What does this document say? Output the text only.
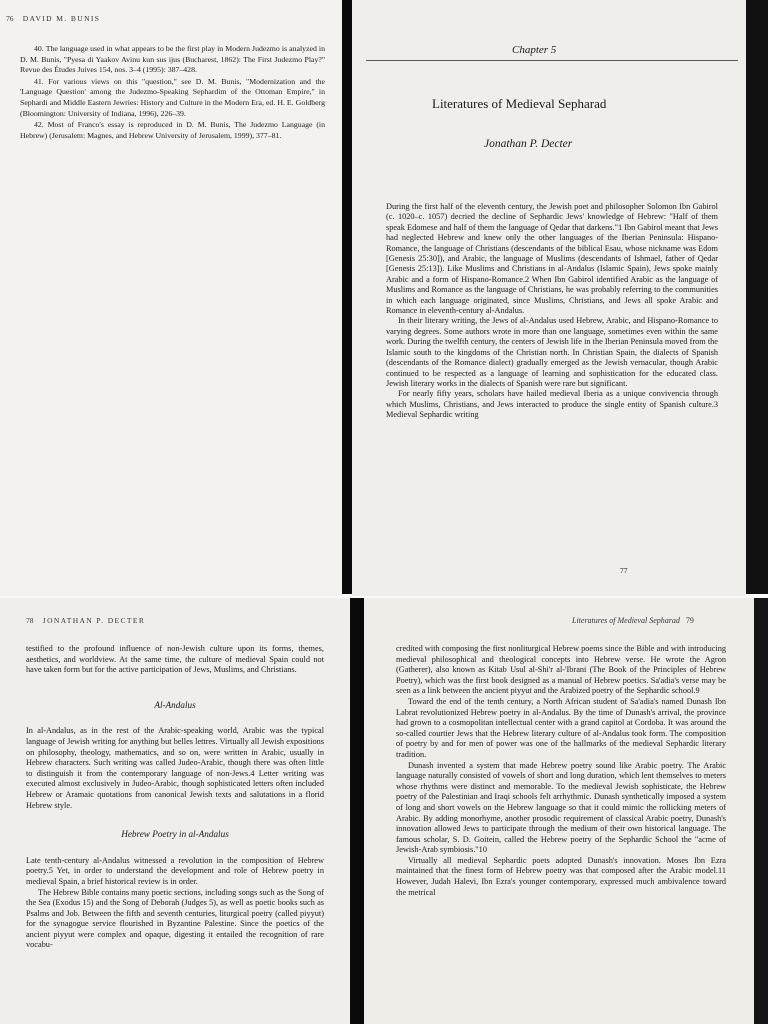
76 DAVID M. BUNIS

40. The language used in what appears to be the first play in Modern Judezmo is analyzed in D. M. Bunis, "Pyesa di Yaakov Avinu kun sus ijus (Bucharest, 1862): The First Judezmo Play?" Revue des Études Juives 154, nos. 3–4 (1995): 387–428.

41. For various views on this "question," see D. M. Bunis, "Modernization and the 'Language Question' among the Judezmo-Speaking Sephardim of the Ottoman Empire," in Sephardi and Middle Eastern Jewries: History and Culture in the Modern Era, ed. H. E. Goldberg (Bloomington: University of Indiana, 1996), 226–39.

42. Most of Franco's essay is reproduced in D. M. Bunis, The Judezmo Language (in Hebrew) (Jerusalem: Magnes, and Hebrew University of Jerusalem, 1999), 377–81.

Chapter 5
Literatures of Medieval Sepharad
Jonathan P. Decter

During the first half of the eleventh century, the Jewish poet and philosopher Solomon Ibn Gabirol (c. 1020–c. 1057) decried the decline of Sephardic Jews' knowledge of Hebrew: "Half of them speak Edomese and half of them the language of Qedar that darkens."1 Ibn Gabirol meant that Jews had neglected Hebrew and knew only the other languages of the Iberian Peninsula: Hispano-Romance, the language of Christians (descendants of the biblical Esau, whose nickname was Edom [Genesis 25:30]), and Arabic, the language of Muslims (descendants of Ishmael, father of Qedar [Genesis 25:13]). Like Muslims and Christians in al-Andalus (Islamic Spain), Jews spoke mainly Arabic and a form of Hispano-Romance.2 When Ibn Gabirol identified Arabic as the language of Muslims and Romance as the language of Christians, he was probably referring to the communities in which each language originated, since Muslims, Christians, and Jews all spoke Arabic and Romance in eleventh-century al-Andalus.

In their literary writing, the Jews of al-Andalus used Hebrew, Arabic, and Hispano-Romance to varying degrees. Some authors wrote in more than one language, sometimes even within the same work. During the twelfth century, the centers of Jewish life in the Iberian Peninsula moved from the Islamic south to the kingdoms of the Christian north. In Christian Spain, the dialects of Spanish (descendants of the Romance dialect) gradually emerged as the Jewish vernacular, though Arabic continued to be respected as a language of learning and sophistication for the educated class. Jewish literary works in the dialects of Spanish were rare but significant.

For nearly fifty years, scholars have hailed medieval Iberia as a unique convivencia through which Muslims, Christians, and Jews interacted to produce the single entity of Spanish culture.3 Medieval Sephardic writing

77
78 JONATHAN P. DECTER

testified to the profound influence of non-Jewish culture upon its forms, themes, aesthetics, and worldview. At the same time, the culture of medieval Spain could not have taken form but for the active participation of Jews, Muslims, and Christians.

Al-Andalus

In al-Andalus, as in the rest of the Arabic-speaking world, Arabic was the typical language of Jewish writing for anything but belles lettres. Virtually all Jewish expositions on philosophy, theology, mathematics, and so on, were written in Arabic, usually in Hebrew characters. Such writing was called Judeo-Arabic, though there was often little to distinguish it from the contemporary language of non-Jews.4 Letter writing was executed almost exclusively in Judeo-Arabic, though sophisticated letters often included Hebrew or Aramaic quotations from canonical Jewish texts and salutations in a florid Hebrew style.

Hebrew Poetry in al-Andalus

Late tenth-century al-Andalus witnessed a revolution in the composition of Hebrew poetry.5 Yet, in order to understand the development and role of Hebrew poetry in medieval Spain, a brief historical review is in order.

The Hebrew Bible contains many poetic sections, including songs such as the Song of the Sea (Exodus 15) and the Song of Deborah (Judges 5), as well as poetic books such as Psalms and Job. Between the fifth and seventh centuries, liturgical poetry (called piyyut) for the synagogue service flourished in Byzantine Palestine. Since the poetics of the ancient piyyut were complex and opaque, digesting it entailed the recognition of rare vocabu-

Literatures of Medieval Sepharad 79

credited with composing the first nonliturgical Hebrew poems since the Bible and with introducing medieval philosophical and theological concepts into Hebrew verse. He wrote the Agron (Gatherer), also known as Kitab Usul al-Shi'r al-'Ibrani (The Book of the Principles of Hebrew Poetry), which was the first book designed as a manual of Hebrew poetics. Sa'adia's verse may be seen as a link between the ancient piyyut and the Arabized poetry of the Sephardic school.9

Toward the end of the tenth century, a North African student of Sa'adia's named Dunash Ibn Labrat revolutionized Hebrew poetry in al-Andalus. By the time of Dunash's arrival, the province had grown to a cosmopolitan intellectual center with a grand capitol at Cordoba. It was around the so-called courtier Jews that the Hebrew literary culture of al-Andalus took form. The composition of poetry by and for men of power was one of the hallmarks of the medieval Sephardic literary tradition.

Dunash invented a system that made Hebrew poetry sound like Arabic poetry. The Arabic language naturally consisted of vowels of short and long duration, which lent themselves to meters whose rhythms were distinct and memorable. To the medieval Jewish sophisticate, the Hebrew poetry of the Palestinian and Iraqi schools felt arrhythmic. Dunash synthetically imposed a system of long and short vowels on the Hebrew language so that it could mimic the rollicking meters of Arabic. By adding monorhyme, another prosodic requirement of classical Arabic poetry, Dunash's innovation allowed Jews to participate through the medium of their own historical language. The famous scholar, S. D. Goitein, called the Hebrew poetry of the Sephardic School the "acme of Jewish-Arab symbiosis."10

Virtually all medieval Sephardic poets adopted Dunash's innovation. Moses Ibn Ezra maintained that the finest form of Hebrew poetry was that composed after the Arabic model.11 However, Judah Halevi, Ibn Ezra's younger contemporary, expressed much ambivalence toward the metrical
